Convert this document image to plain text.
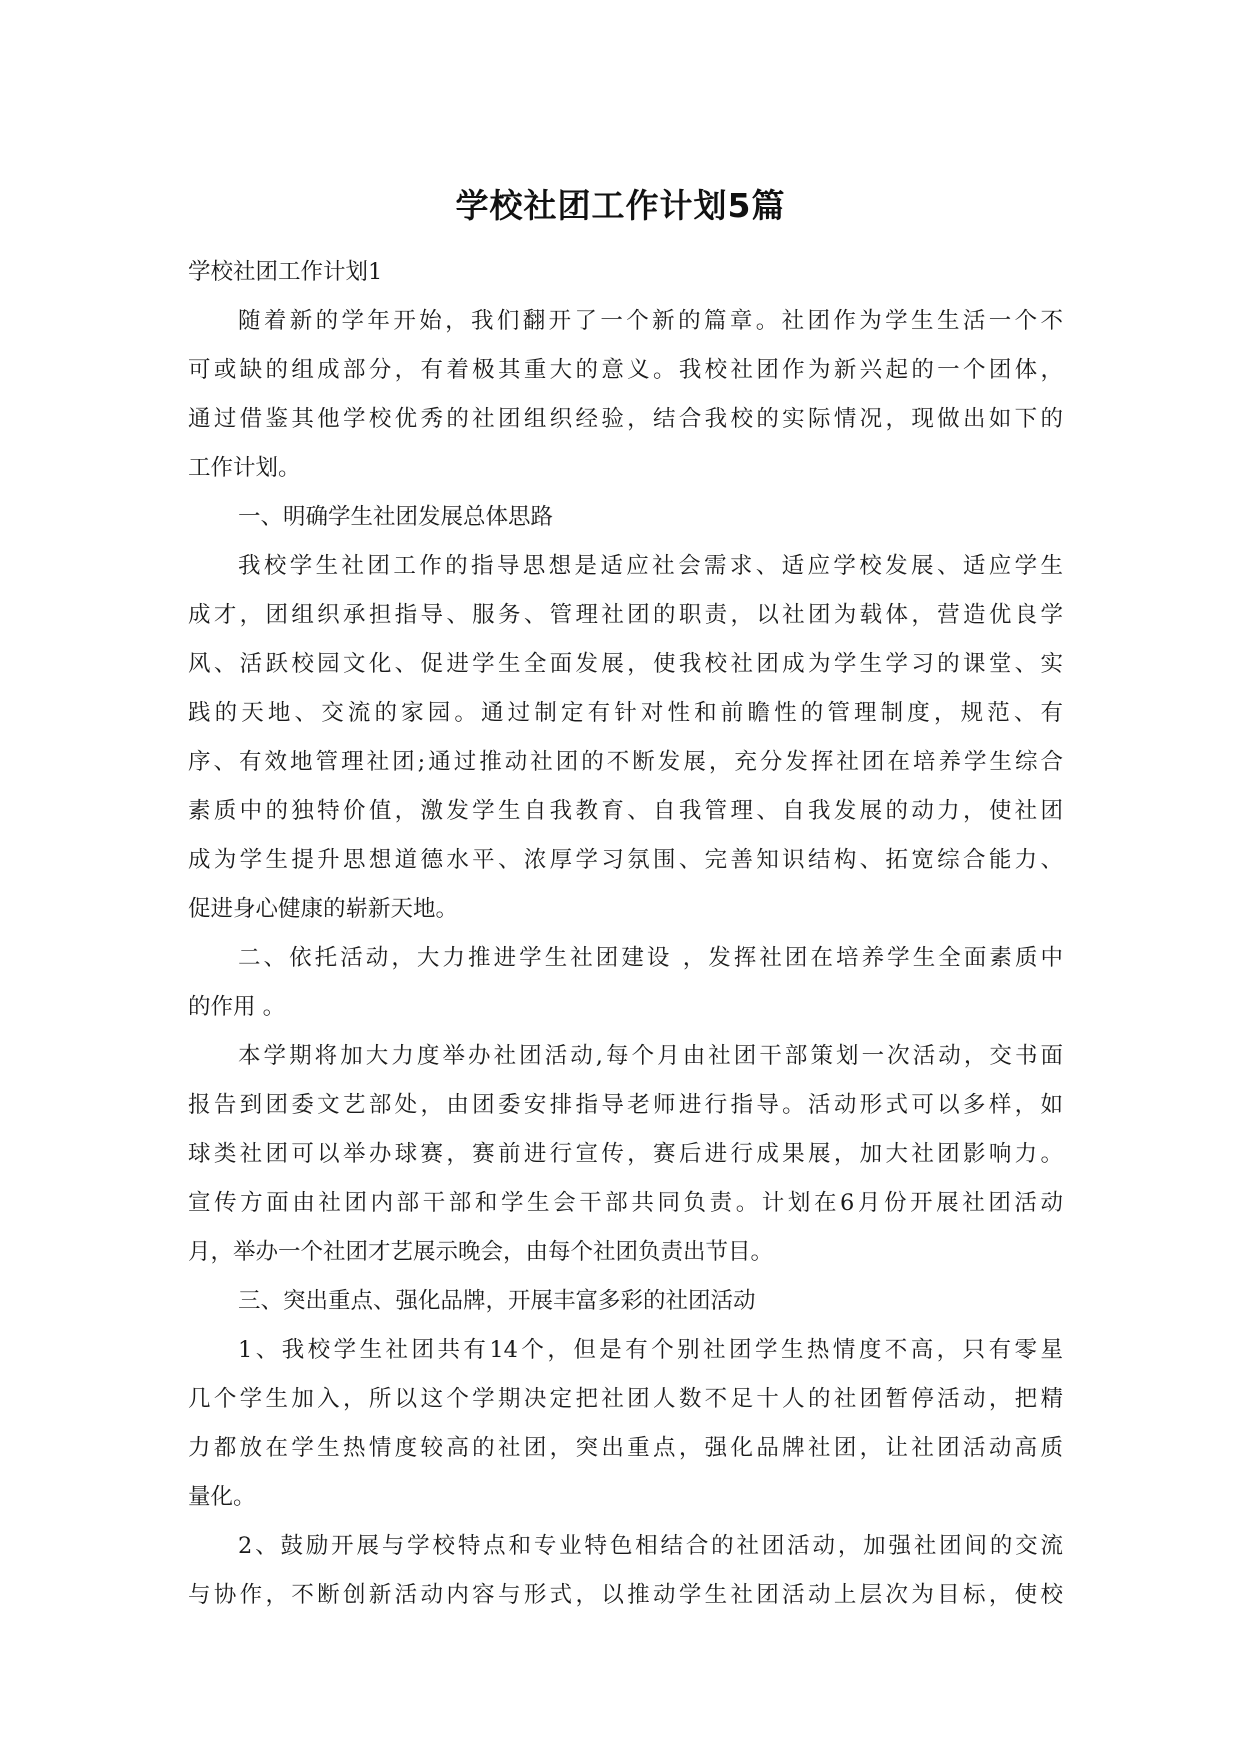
学校社团工作计划5篇
学校社团工作计划1
随着新的学年开始，我们翻开了一个新的篇章。社团作为学生生活一个不
可或缺的组成部分，有着极其重大的意义。我校社团作为新兴起的一个团体，
通过借鉴其他学校优秀的社团组织经验，结合我校的实际情况，现做出如下的
工作计划。
一、明确学生社团发展总体思路
我校学生社团工作的指导思想是适应社会需求、适应学校发展、适应学生
成才，团组织承担指导、服务、管理社团的职责，以社团为载体，营造优良学
风、活跃校园文化、促进学生全面发展，使我校社团成为学生学习的课堂、实
践的天地、交流的家园。通过制定有针对性和前瞻性的管理制度，规范、有
序、有效地管理社团;通过推动社团的不断发展，充分发挥社团在培养学生综合
素质中的独特价值，激发学生自我教育、自我管理、自我发展的动力，使社团
成为学生提升思想道德水平、浓厚学习氛围、完善知识结构、拓宽综合能力、
促进身心健康的崭新天地。
二、依托活动，大力推进学生社团建设 ，发挥社团在培养学生全面素质中
的作用 。
本学期将加大力度举办社团活动,每个月由社团干部策划一次活动，交书面
报告到团委文艺部处，由团委安排指导老师进行指导。活动形式可以多样，如
球类社团可以举办球赛，赛前进行宣传，赛后进行成果展，加大社团影响力。
宣传方面由社团内部干部和学生会干部共同负责。计划在6月份开展社团活动
月，举办一个社团才艺展示晚会，由每个社团负责出节目。
三、突出重点、强化品牌，开展丰富多彩的社团活动
1、我校学生社团共有14个，但是有个别社团学生热情度不高，只有零星
几个学生加入，所以这个学期决定把社团人数不足十人的社团暂停活动，把精
力都放在学生热情度较高的社团，突出重点，强化品牌社团，让社团活动高质
量化。
2、鼓励开展与学校特点和专业特色相结合的社团活动，加强社团间的交流
与协作，不断创新活动内容与形式，以推动学生社团活动上层次为目标，使校
